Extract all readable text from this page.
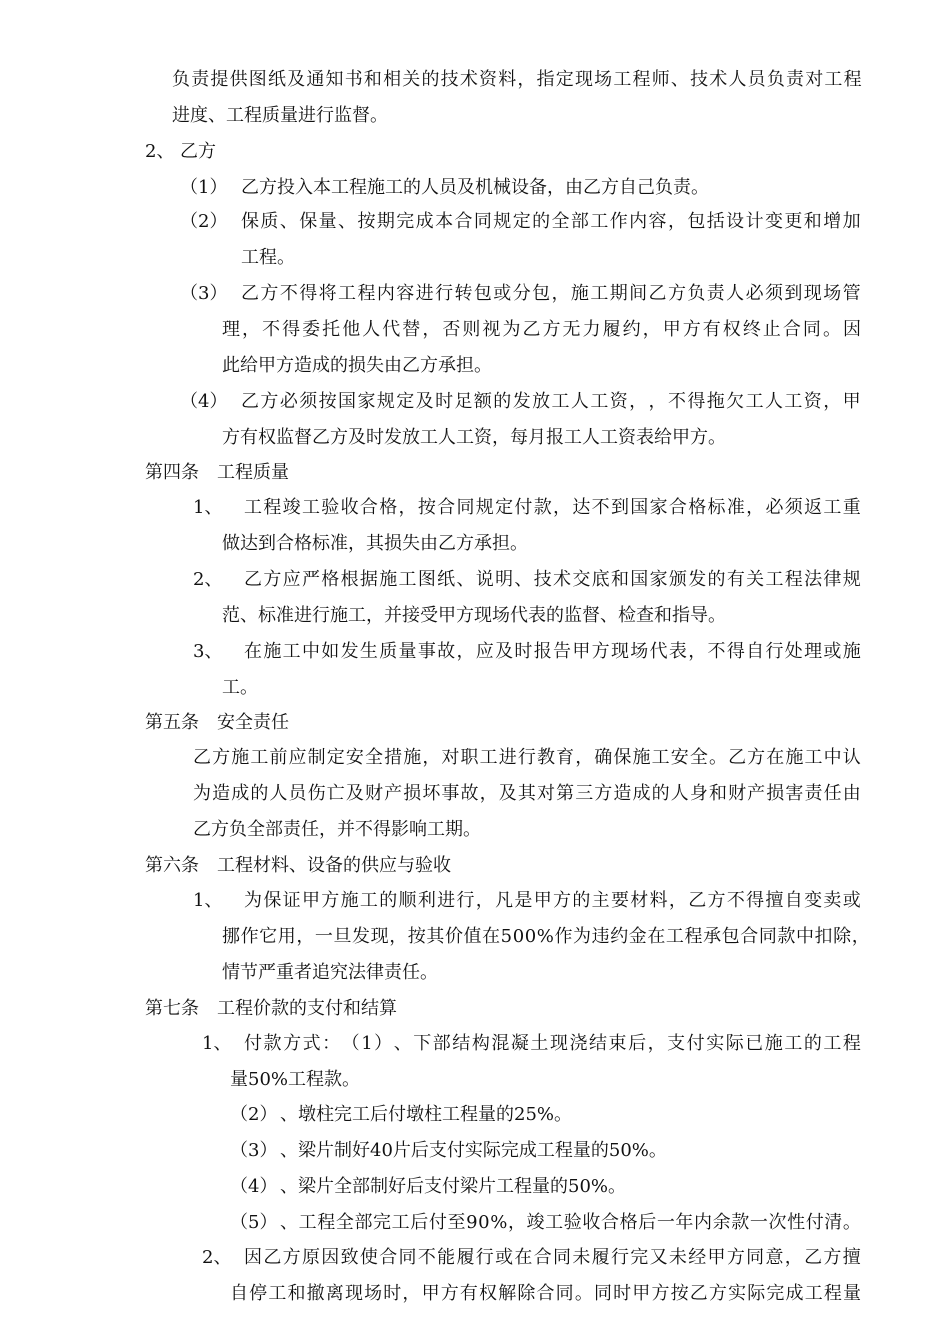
负 责 提 供 图 纸 及 通 知 书 和 相 关 的 技 术 资 料 ， 指 定 现 场 工 程 师 、 技 术 人 员 负 责 对 工 程
进度、工程质量进行监督。
2、 乙方
（1） 乙方投入本工程施工的人员及机械设备，由乙方自己负责。
（2） 保 质 、 保 量 、 按 期 完 成 本 合 同 规 定 的 全 部 工 作 内 容 ， 包 括 设 计 变 更 和 增 加
工程。
（3） 乙 方 不 得 将 工 程 内 容 进 行 转 包 或 分 包 ， 施 工 期 间 乙 方 负 责 人 必 须 到 现 场 管
理 ， 不 得 委 托 他 人 代 替 ， 否 则 视 为 乙 方 无 力 履 约 ， 甲 方 有 权 终 止 合 同 。 因
此给甲方造成的损失由乙方承担。
（4） 乙 方 必 须 按 国 家 规 定 及 时 足 额 的 发 放 工 人 工 资 ， ， 不 得 拖 欠 工 人 工 资 ， 甲
方有权监督乙方及时发放工人工资，每月报工人工资表给甲方。
第四条　工程质量
1、 工 程 竣 工 验 收 合 格 ， 按 合 同 规 定 付 款 ， 达 不 到 国 家 合 格 标 准 ， 必 须 返 工 重
做达到合格标准，其损失由乙方承担。
2、 乙 方 应 严 格 根 据 施 工 图 纸 、 说 明 、 技 术 交 底 和 国 家 颁 发 的 有 关 工 程 法 律 规
范、标准进行施工，并接受甲方现场代表的监督、检查和指导。
3、 在 施 工 中 如 发 生 质 量 事 故 ， 应 及 时 报 告 甲 方 现 场 代 表 ， 不 得 自 行 处 理 或 施
工。
第五条　安全责任
乙 方 施 工 前 应 制 定 安 全 措 施 ， 对 职 工 进 行 教 育 ， 确 保 施 工 安 全 。 乙 方 在 施 工 中 认
为 造 成 的 人 员 伤 亡 及 财 产 损 坏 事 故 ， 及 其 对 第 三 方 造 成 的 人 身 和 财 产 损 害 责 任 由
乙方负全部责任，并不得影响工期。
第六条　工程材料、设备的供应与验收
1、 为 保 证 甲 方 施 工 的 顺 利 进 行 ， 凡 是 甲 方 的 主 要 材 料 ， 乙 方 不 得 擅 自 变 卖 或
挪 作 它 用 ， 一 旦 发 现 ， 按 其 价 值 在 5 0 0 % 作 为 违 约 金 在 工 程 承 包 合 同 款 中 扣 除 ，
情节严重者追究法律责任。
第七条　工程价款的支付和结算
1、 付 款 方 式 ： （ 1 ） 、 下 部 结 构 混 凝 土 现 浇 结 束 后 ， 支 付 实 际 已 施 工 的 工 程
量50%工程款。
（2） 、墩柱完工后付墩柱工程量的25%。
（3） 、梁片制好40片后支付实际完成工程量的50%。
（4） 、梁片全部制好后支付梁片工程量的50%。
（5） 、 工 程 全 部 完 工 后 付 至 9 0 % ， 竣 工 验 收 合 格 后 一 年 内 余 款 一 次 性 付 清 。
2、 因 乙 方 原 因 致 使 合 同 不 能 履 行 或 在 合 同 未 履 行 完 又 未 经 甲 方 同 意 ， 乙 方 擅
自 停 工 和 撤 离 现 场 时 ， 甲 方 有 权 解 除 合 同 。 同 时 甲 方 按 乙 方 实 际 完 成 工 程 量
